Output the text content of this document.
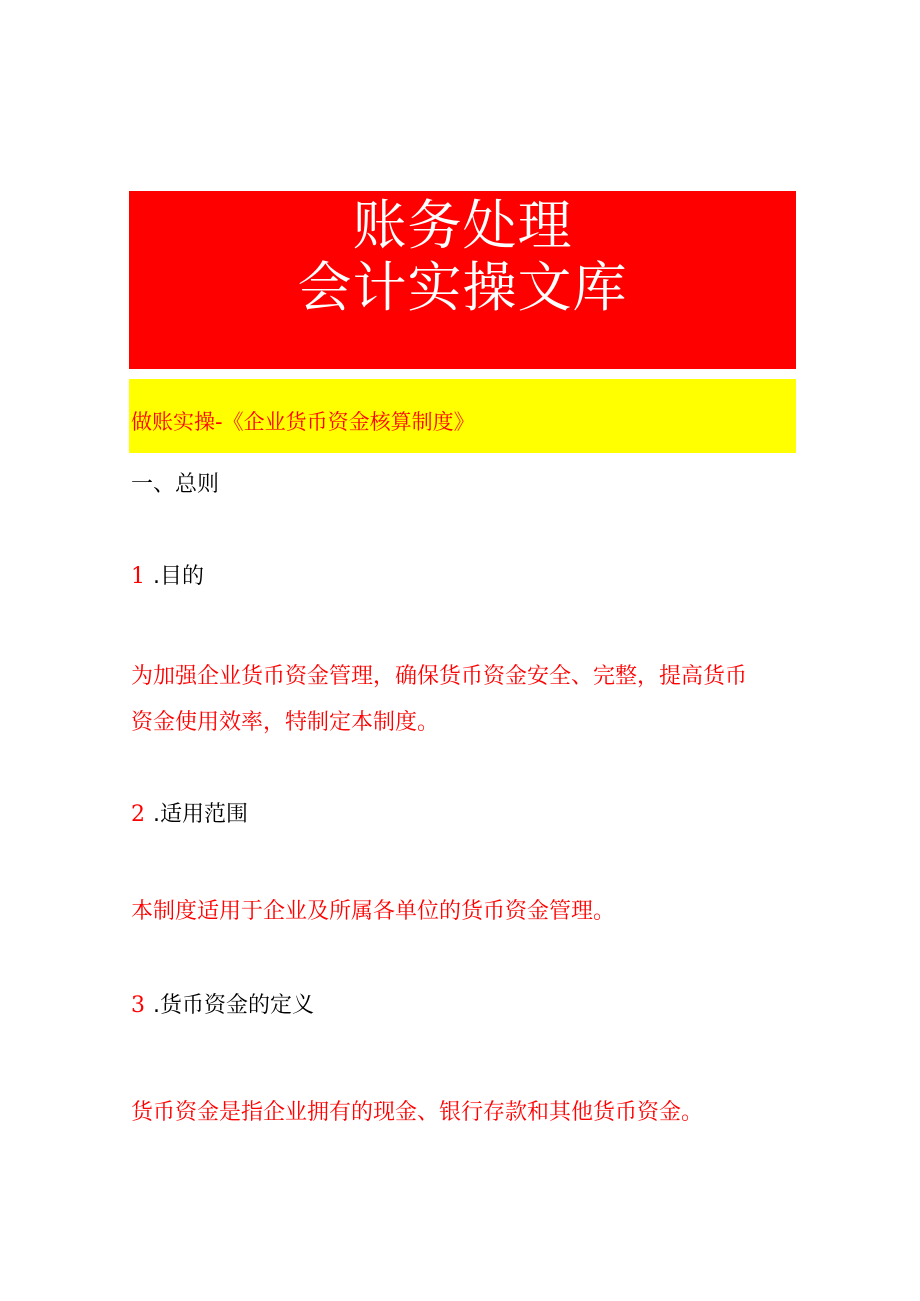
账务处理
会计实操文库
做账实操-《企业货币资金核算制度》
一、总则
1 .目的
为加强企业货币资金管理，确保货币资金安全、完整，提高货币
资金使用效率，特制定本制度。
2 .适用范围
本制度适用于企业及所属各单位的货币资金管理。
3 .货币资金的定义
货币资金是指企业拥有的现金、银行存款和其他货币资金。
